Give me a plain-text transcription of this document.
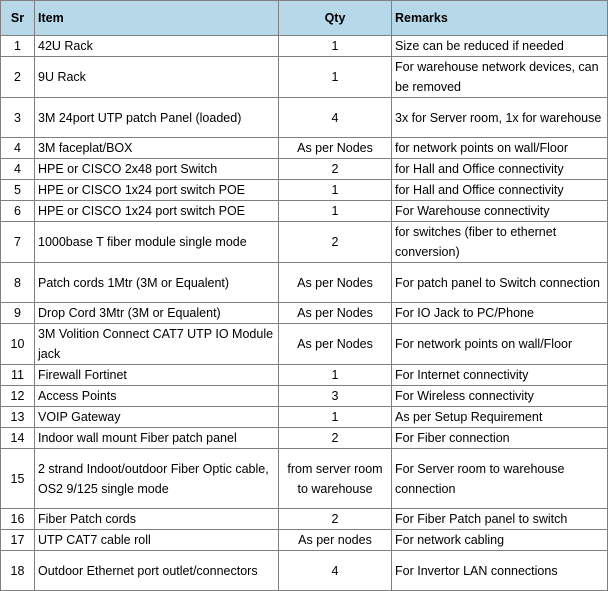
Sr	Item	Qty	Remarks
1	42U Rack	1	Size can be reduced if needed
2	9U Rack	1	For warehouse network devices, can be removed
3	3M 24port UTP patch Panel (loaded)	4	3x for Server room, 1x for warehouse
4	3M faceplat/BOX	As per Nodes	for network points on wall/Floor
4	HPE or CISCO 2x48 port Switch	2	for Hall and Office connectivity
5	HPE or CISCO 1x24 port switch POE	1	for Hall and Office connectivity
6	HPE or CISCO 1x24 port switch POE	1	For Warehouse connectivity
7	1000base T fiber module single mode	2	for switches (fiber to ethernet conversion)
8	Patch cords 1Mtr (3M or Equalent)	As per Nodes	For patch panel to Switch connection
9	Drop Cord 3Mtr (3M or Equalent)	As per Nodes	For IO Jack to PC/Phone
10	3M Volition Connect CAT7 UTP IO Module jack	As per Nodes	For network points on wall/Floor
11	Firewall Fortinet	1	For Internet connectivity
12	Access Points	3	For Wireless connectivity
13	VOIP Gateway	1	As per Setup Requirement
14	Indoor wall mount Fiber patch panel	2	For Fiber connection
15	2 strand Indoot/outdoor Fiber Optic cable, OS2 9/125 single mode	from server room to warehouse	For Server room to warehouse connection
16	Fiber Patch cords	2	For Fiber Patch panel to switch
17	UTP CAT7 cable roll	As per nodes	For network cabling
18	Outdoor Ethernet port outlet/connectors	4	For Invertor LAN connections
